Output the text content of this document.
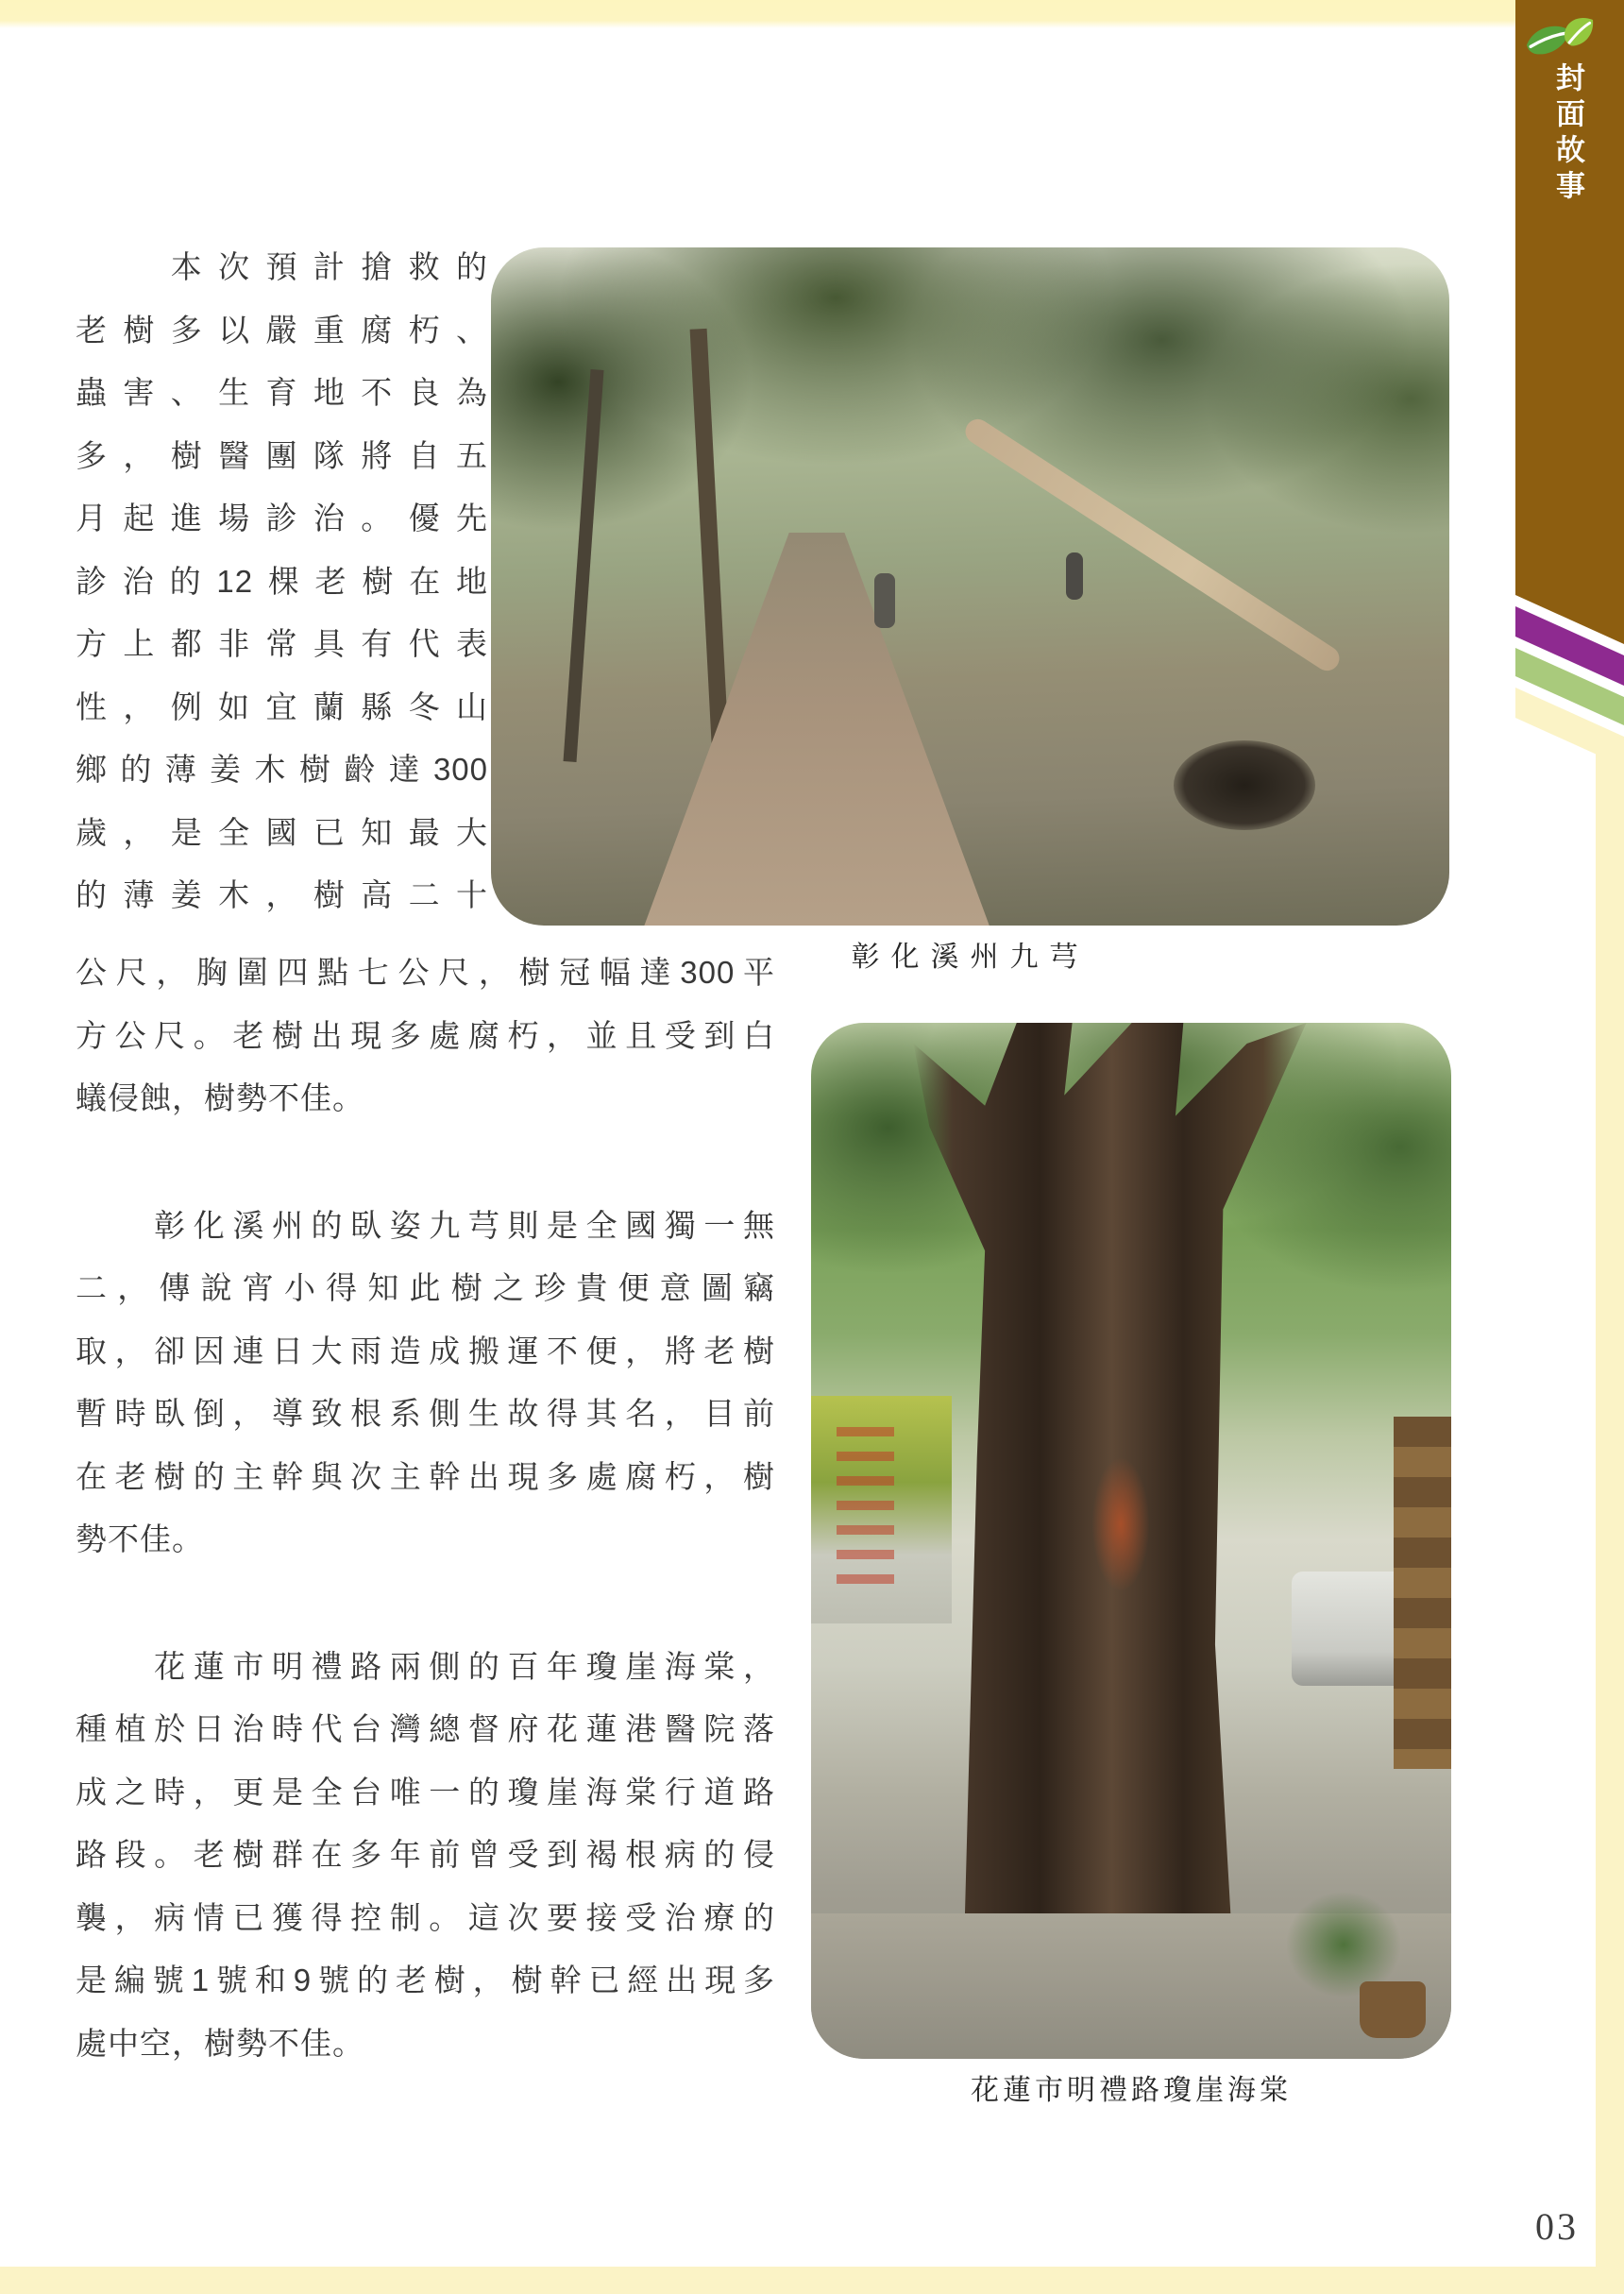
封面故事
　　本次預計搶救的
老樹多以嚴重腐朽、
蟲害、生育地不良為
多，樹醫團隊將自五
月起進場診治。優先
診治的12棵老樹在地
方上都非常具有代表
性，例如宜蘭縣冬山
鄉的薄姜木樹齡達300
歲，是全國已知最大
的薄姜木，樹高二十
彰化溪州九芎
公尺，胸圍四點七公尺，樹冠幅達300平
方公尺。老樹出現多處腐朽，並且受到白
蟻侵蝕，樹勢不佳。
　　彰化溪州的臥姿九芎則是全國獨一無
二，傳說宵小得知此樹之珍貴便意圖竊
取，卻因連日大雨造成搬運不便，將老樹
暫時臥倒，導致根系側生故得其名，目前
在老樹的主幹與次主幹出現多處腐朽，樹
勢不佳。
　　花蓮市明禮路兩側的百年瓊崖海棠，
種植於日治時代台灣總督府花蓮港醫院落
成之時，更是全台唯一的瓊崖海棠行道路
路段。老樹群在多年前曾受到褐根病的侵
襲，病情已獲得控制。這次要接受治療的
是編號1號和9號的老樹，樹幹已經出現多
處中空，樹勢不佳。
花蓮市明禮路瓊崖海棠
03
